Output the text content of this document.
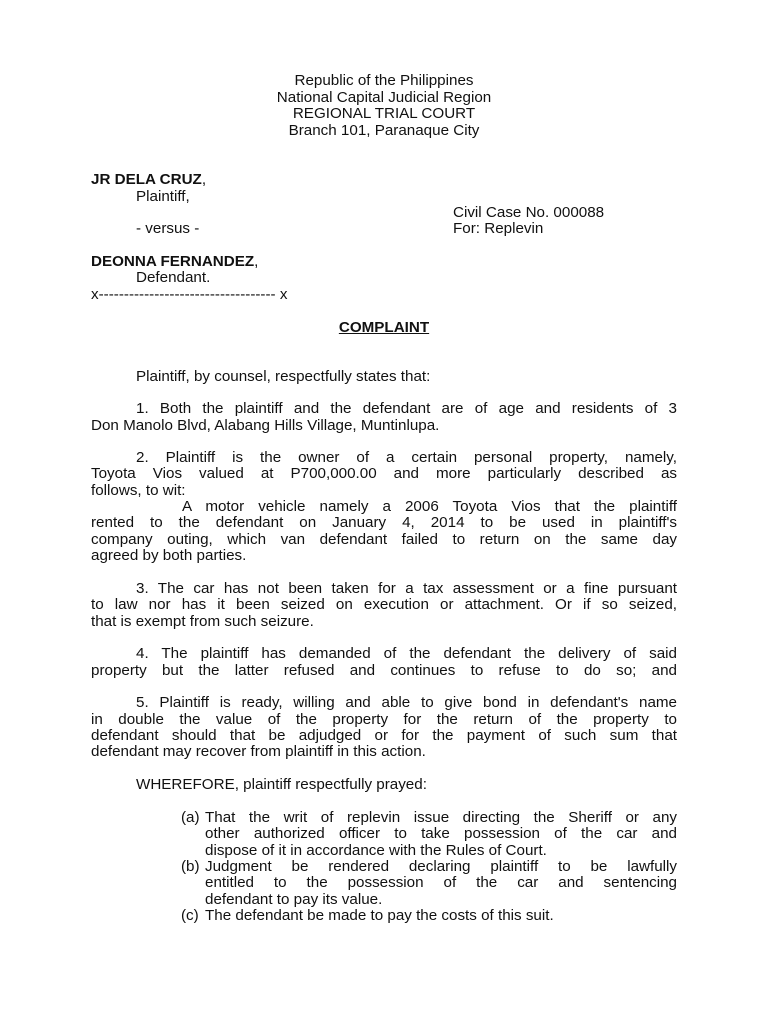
Republic of the Philippines
National Capital Judicial Region
REGIONAL TRIAL COURT
Branch 101, Paranaque City
JR DELA CRUZ,
Plaintiff,
Civil Case No. 000088
- versus -	For: Replevin
DEONNA FERNANDEZ,
Defendant.
x----------------------------------- x
COMPLAINT
Plaintiff, by counsel, respectfully states that:
1. Both the plaintiff and the defendant are of age and residents of 3
Don Manolo Blvd, Alabang Hills Village, Muntinlupa.
2. Plaintiff is the owner of a certain personal property, namely,
Toyota Vios valued at P700,000.00 and more particularly described as
follows, to wit:
A motor vehicle namely a 2006 Toyota Vios that the plaintiff
rented to the defendant on January 4, 2014 to be used in plaintiff's
company outing, which van defendant failed to return on the same day
agreed by both parties.
3. The car has not been taken for a tax assessment or a fine pursuant
to law nor has it been seized on execution or attachment. Or if so seized,
that is exempt from such seizure.
4. The plaintiff has demanded of the defendant the delivery of said
property but the latter refused and continues to refuse to do so; and
5. Plaintiff is ready, willing and able to give bond in defendant's name
in double the value of the property for the return of the property to
defendant should that be adjudged or for the payment of such sum that
defendant may recover from plaintiff in this action.
WHEREFORE, plaintiff respectfully prayed:
(a) That the writ of replevin issue directing the Sheriff or any
other authorized officer to take possession of the car and
dispose of it in accordance with the Rules of Court.
(b) Judgment be rendered declaring plaintiff to be lawfully
entitled to the possession of the car and sentencing
defendant to pay its value.
(c) The defendant be made to pay the costs of this suit.
